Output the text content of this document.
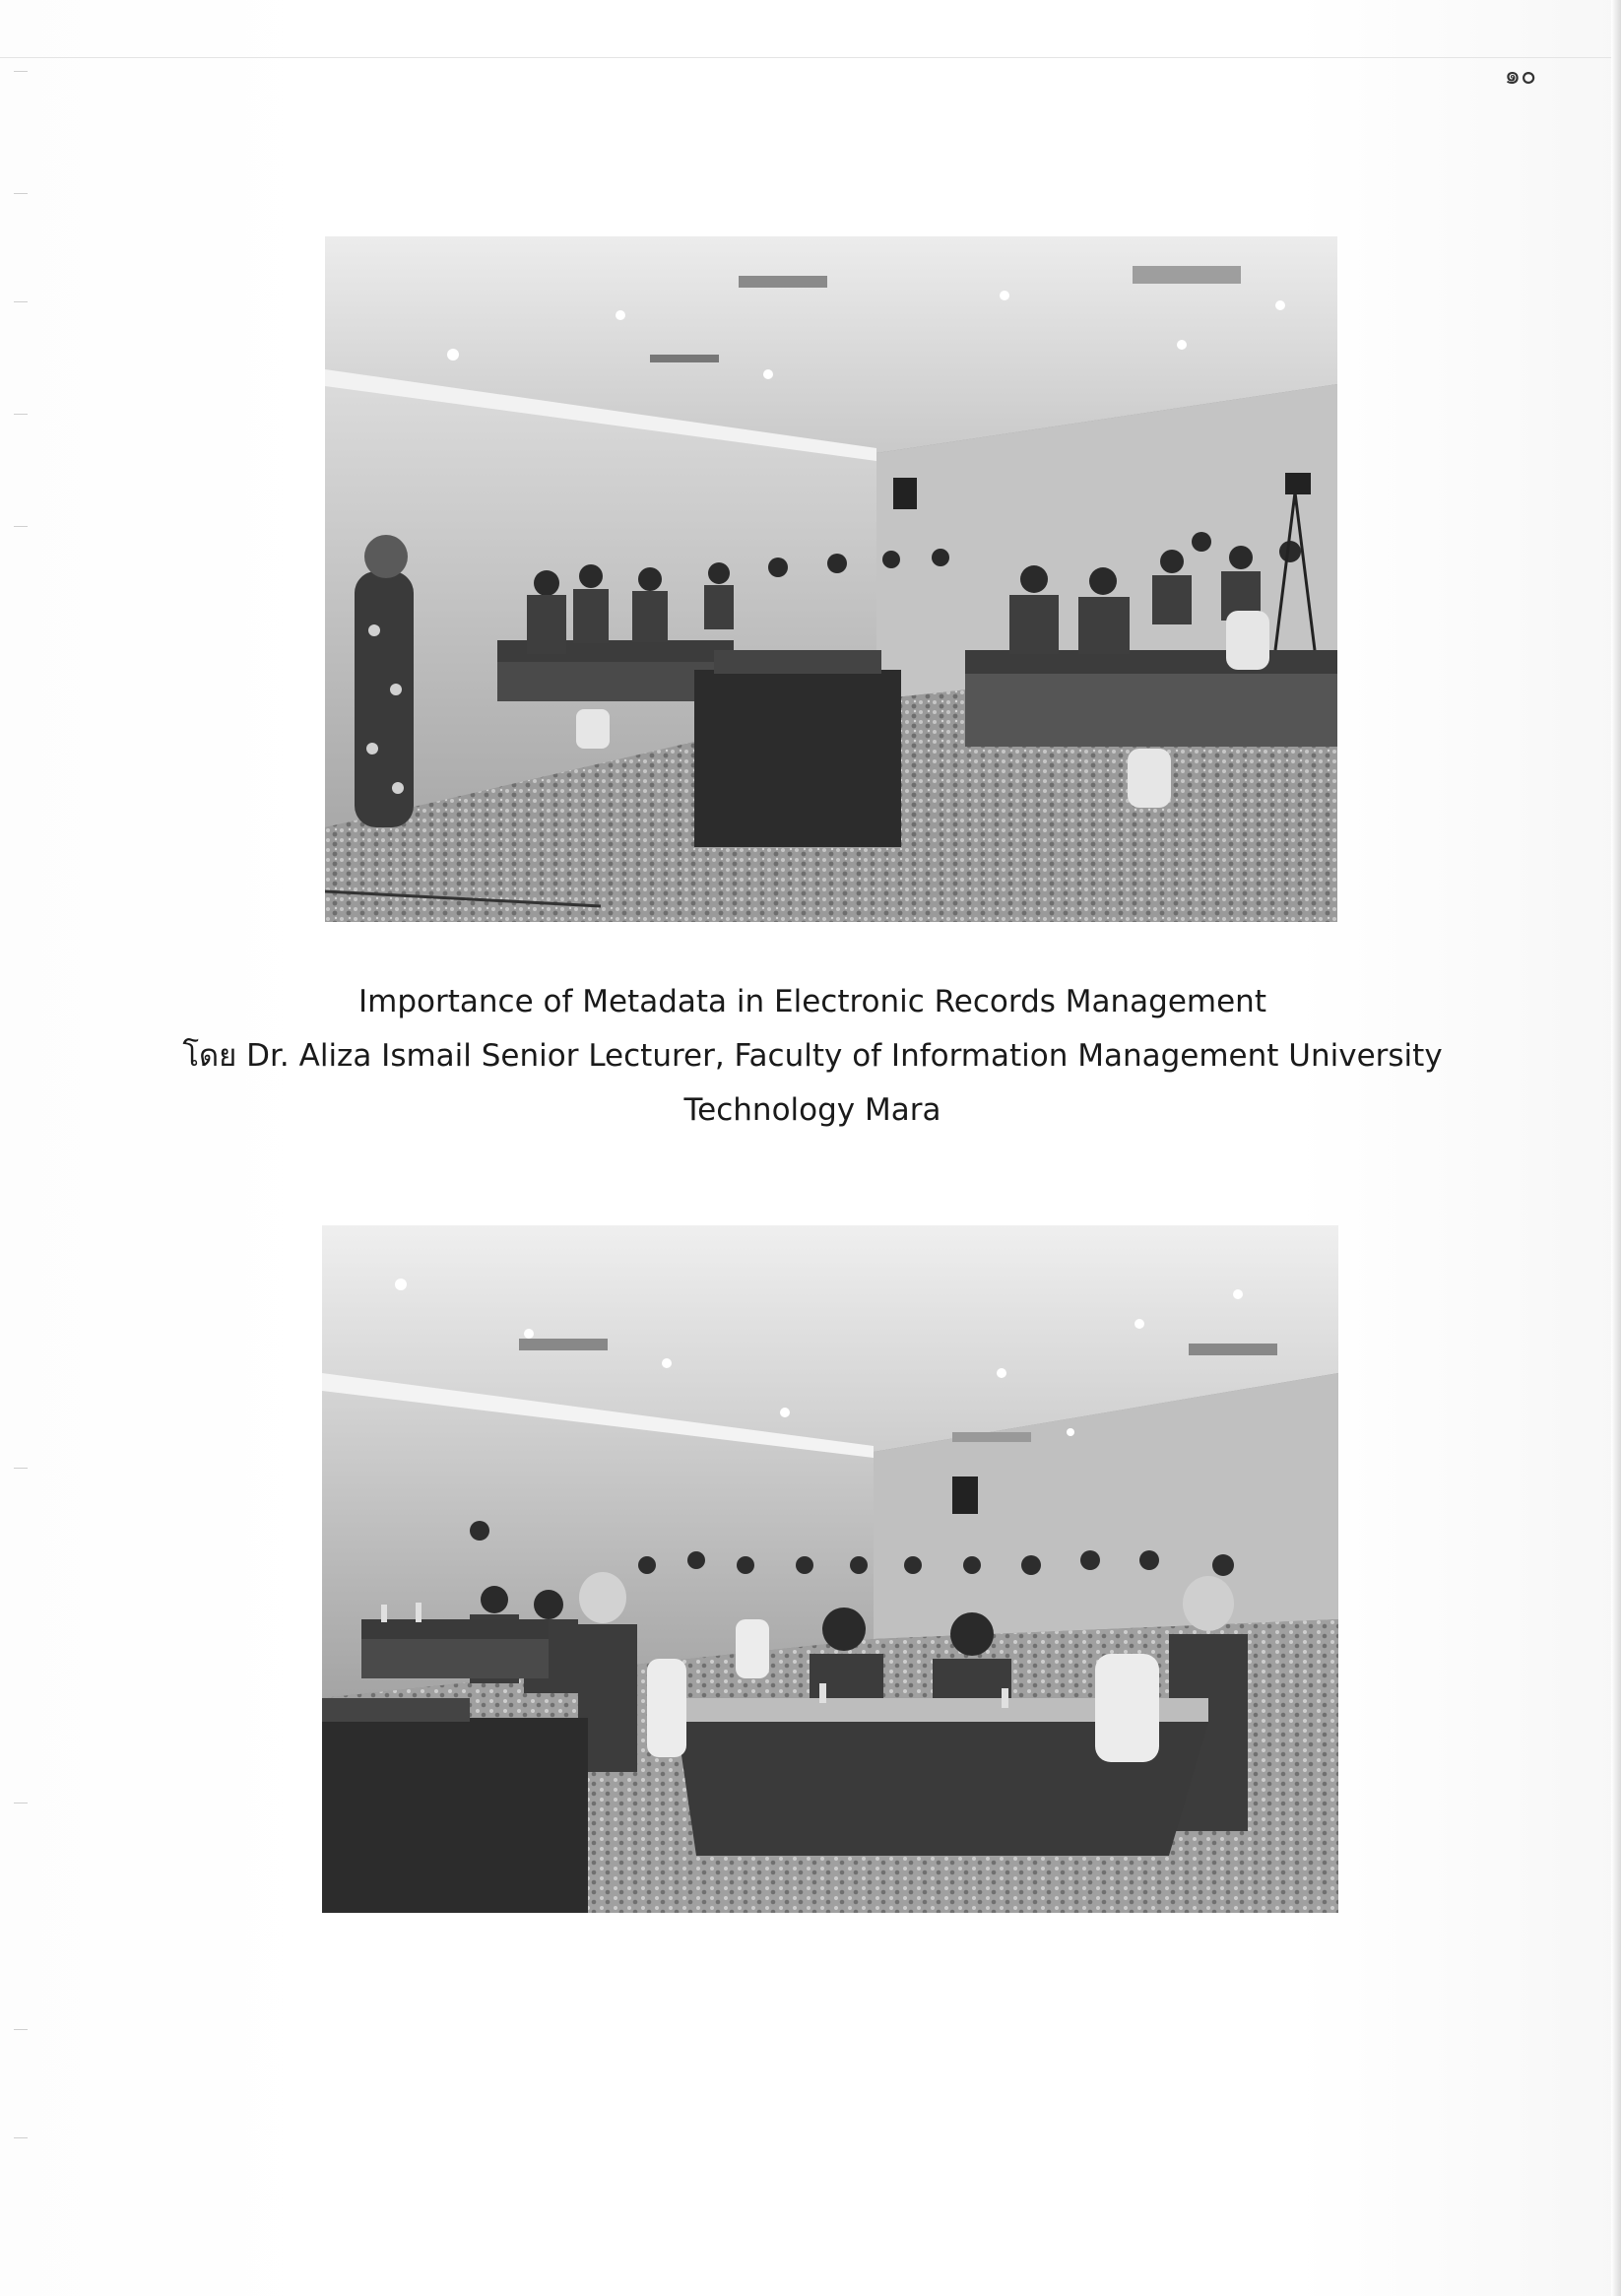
๑๐
Importance of Metadata in Electronic Records Management
โดย Dr. Aliza Ismail Senior Lecturer, Faculty of Information Management University
Technology Mara
